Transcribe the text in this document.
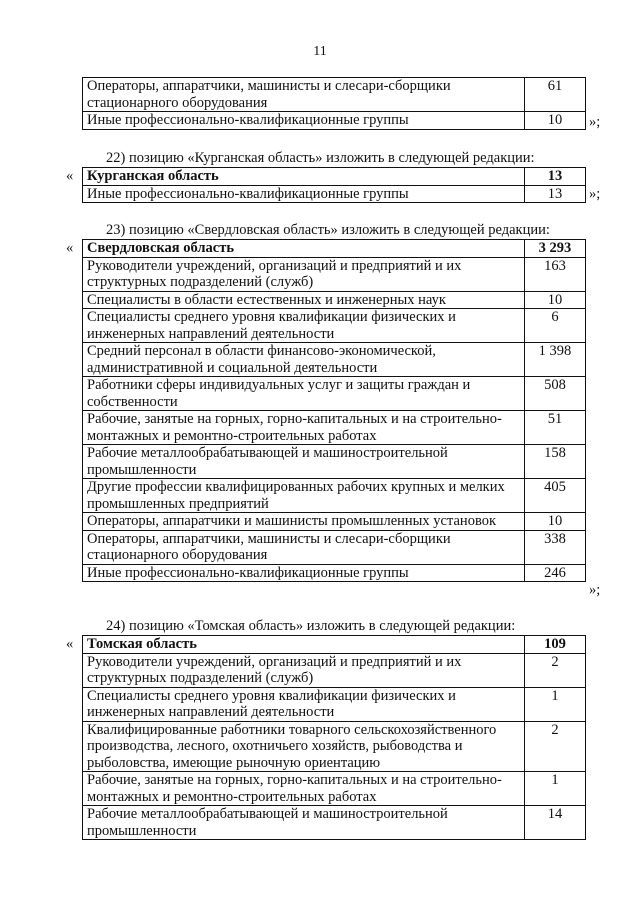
11
Операторы, аппаратчики, машинисты и слесари-сборщики стационарного оборудования	61
Иные профессионально-квалификационные группы	10 »;
22) позицию «Курганская область» изложить в следующей редакции:
« Курганская область	13
Иные профессионально-квалификационные группы	13 »;
23) позицию «Свердловская область» изложить в следующей редакции:
« Свердловская область	3 293
Руководители учреждений, организаций и предприятий и их структурных подразделений (служб)	163
Специалисты в области естественных и инженерных наук	10
Специалисты среднего уровня квалификации физических и инженерных направлений деятельности	6
Средний персонал в области финансово-экономической, административной и социальной деятельности	1 398
Работники сферы индивидуальных услуг и защиты граждан и собственности	508
Рабочие, занятые на горных, горно-капитальных и на строительно-монтажных и ремонтно-строительных работах	51
Рабочие металлообрабатывающей и машиностроительной промышленности	158
Другие профессии квалифицированных рабочих крупных и мелких промышленных предприятий	405
Операторы, аппаратчики и машинисты промышленных установок	10
Операторы, аппаратчики, машинисты и слесари-сборщики стационарного оборудования	338
Иные профессионально-квалификационные группы	246
»;
24) позицию «Томская область» изложить в следующей редакции:
« Томская область	109
Руководители учреждений, организаций и предприятий и их структурных подразделений (служб)	2
Специалисты среднего уровня квалификации физических и инженерных направлений деятельности	1
Квалифицированные работники товарного сельскохозяйственного производства, лесного, охотничьего хозяйств, рыбоводства и рыболовства, имеющие рыночную ориентацию	2
Рабочие, занятые на горных, горно-капитальных и на строительно-монтажных и ремонтно-строительных работах	1
Рабочие металлообрабатывающей и машиностроительной промышленности	14
